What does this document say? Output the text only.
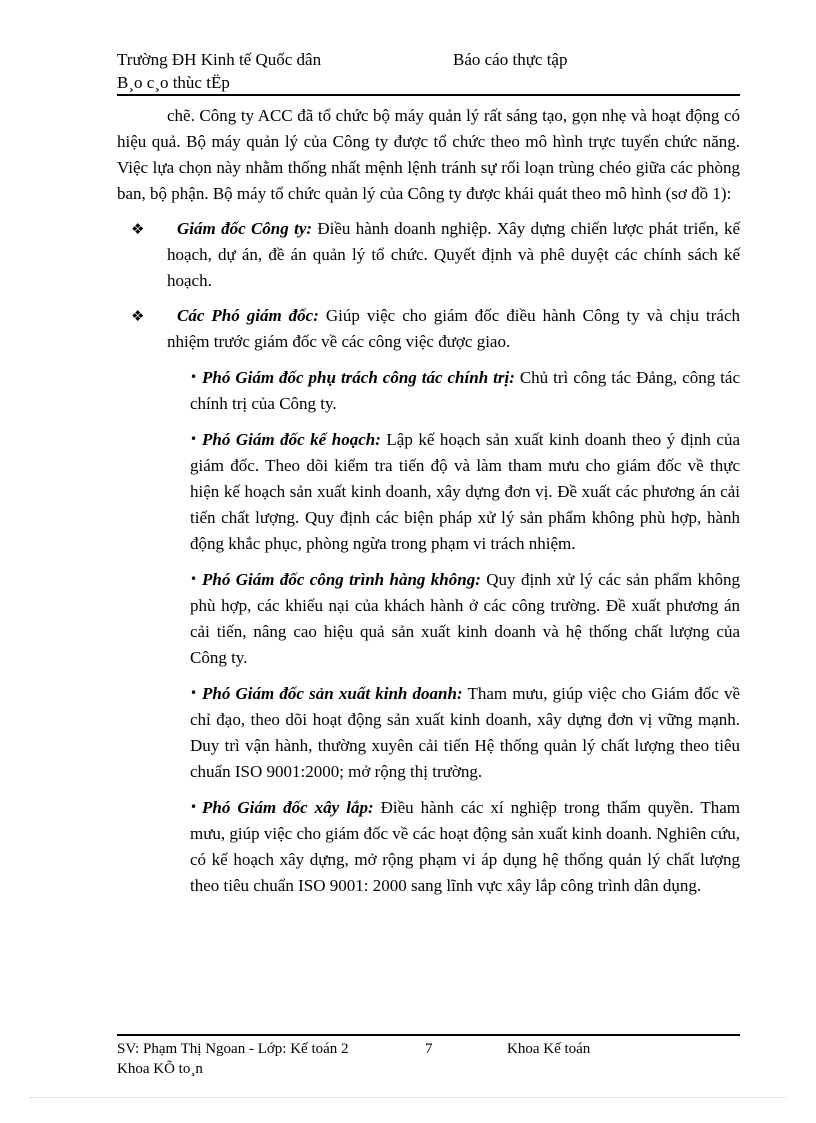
Trường ĐH Kinh tế Quốc dân	Báo cáo thực tập
B¸o c¸o thùc tËp

chẽ. Công ty ACC đã tổ chức bộ máy quản lý rất sáng tạo, gọn nhẹ và hoạt động có hiệu quả. Bộ máy quản lý của Công ty được tổ chức theo mô hình trực tuyến chức năng. Việc lựa chọn này nhằm thống nhất mệnh lệnh tránh sự rối loạn trùng chéo giữa các phòng ban, bộ phận. Bộ máy tổ chức quản lý của Công ty được khái quát theo mô hình (sơ đồ 1):

❖ Giám đốc Công ty: Điều hành doanh nghiệp. Xây dựng chiến lược phát triển, kế hoạch, dự án, đề án quản lý tổ chức. Quyết định và phê duyệt các chính sách kế hoạch.

❖ Các Phó giám đốc: Giúp việc cho giám đốc điều hành Công ty và chịu trách nhiệm trước giám đốc về các công việc được giao.

• Phó Giám đốc phụ trách công tác chính trị: Chủ trì công tác Đảng, công tác chính trị của Công ty.

• Phó Giám đốc kế hoạch: Lập kế hoạch sản xuất kinh doanh theo ý định của giám đốc. Theo dõi kiểm tra tiến độ và làm tham mưu cho giám đốc về thực hiện kế hoạch sản xuất kinh doanh, xây dựng đơn vị. Đề xuất các phương án cải tiến chất lượng. Quy định các biện pháp xử lý sản phẩm không phù hợp, hành động khắc phục, phòng ngừa trong phạm vi trách nhiệm.

• Phó Giám đốc công trình hàng không: Quy định xử lý các sản phẩm không phù hợp, các khiếu nại của khách hành ở các công trường. Đề xuất phương án cải tiến, nâng cao hiệu quả sản xuất kinh doanh và hệ thống chất lượng của Công ty.

• Phó Giám đốc sản xuất kinh doanh: Tham mưu, giúp việc cho Giám đốc về chỉ đạo, theo dõi hoạt động sản xuất kinh doanh, xây dựng đơn vị vững mạnh. Duy trì vận hành, thường xuyên cải tiến Hệ thống quản lý chất lượng theo tiêu chuẩn ISO 9001:2000; mở rộng thị trường.

• Phó Giám đốc xây lắp: Điều hành các xí nghiệp trong thẩm quyền. Tham mưu, giúp việc cho giám đốc về các hoạt động sản xuất kinh doanh. Nghiên cứu, có kế hoạch xây dựng, mở rộng phạm vi áp dụng hệ thống quản lý chất lượng theo tiêu chuẩn ISO 9001: 2000 sang lĩnh vực xây lắp công trình dân dụng.

SV: Phạm Thị Ngoan - Lớp: Kế toán 2	7	Khoa Kế toán
Khoa KÕ to¸n
